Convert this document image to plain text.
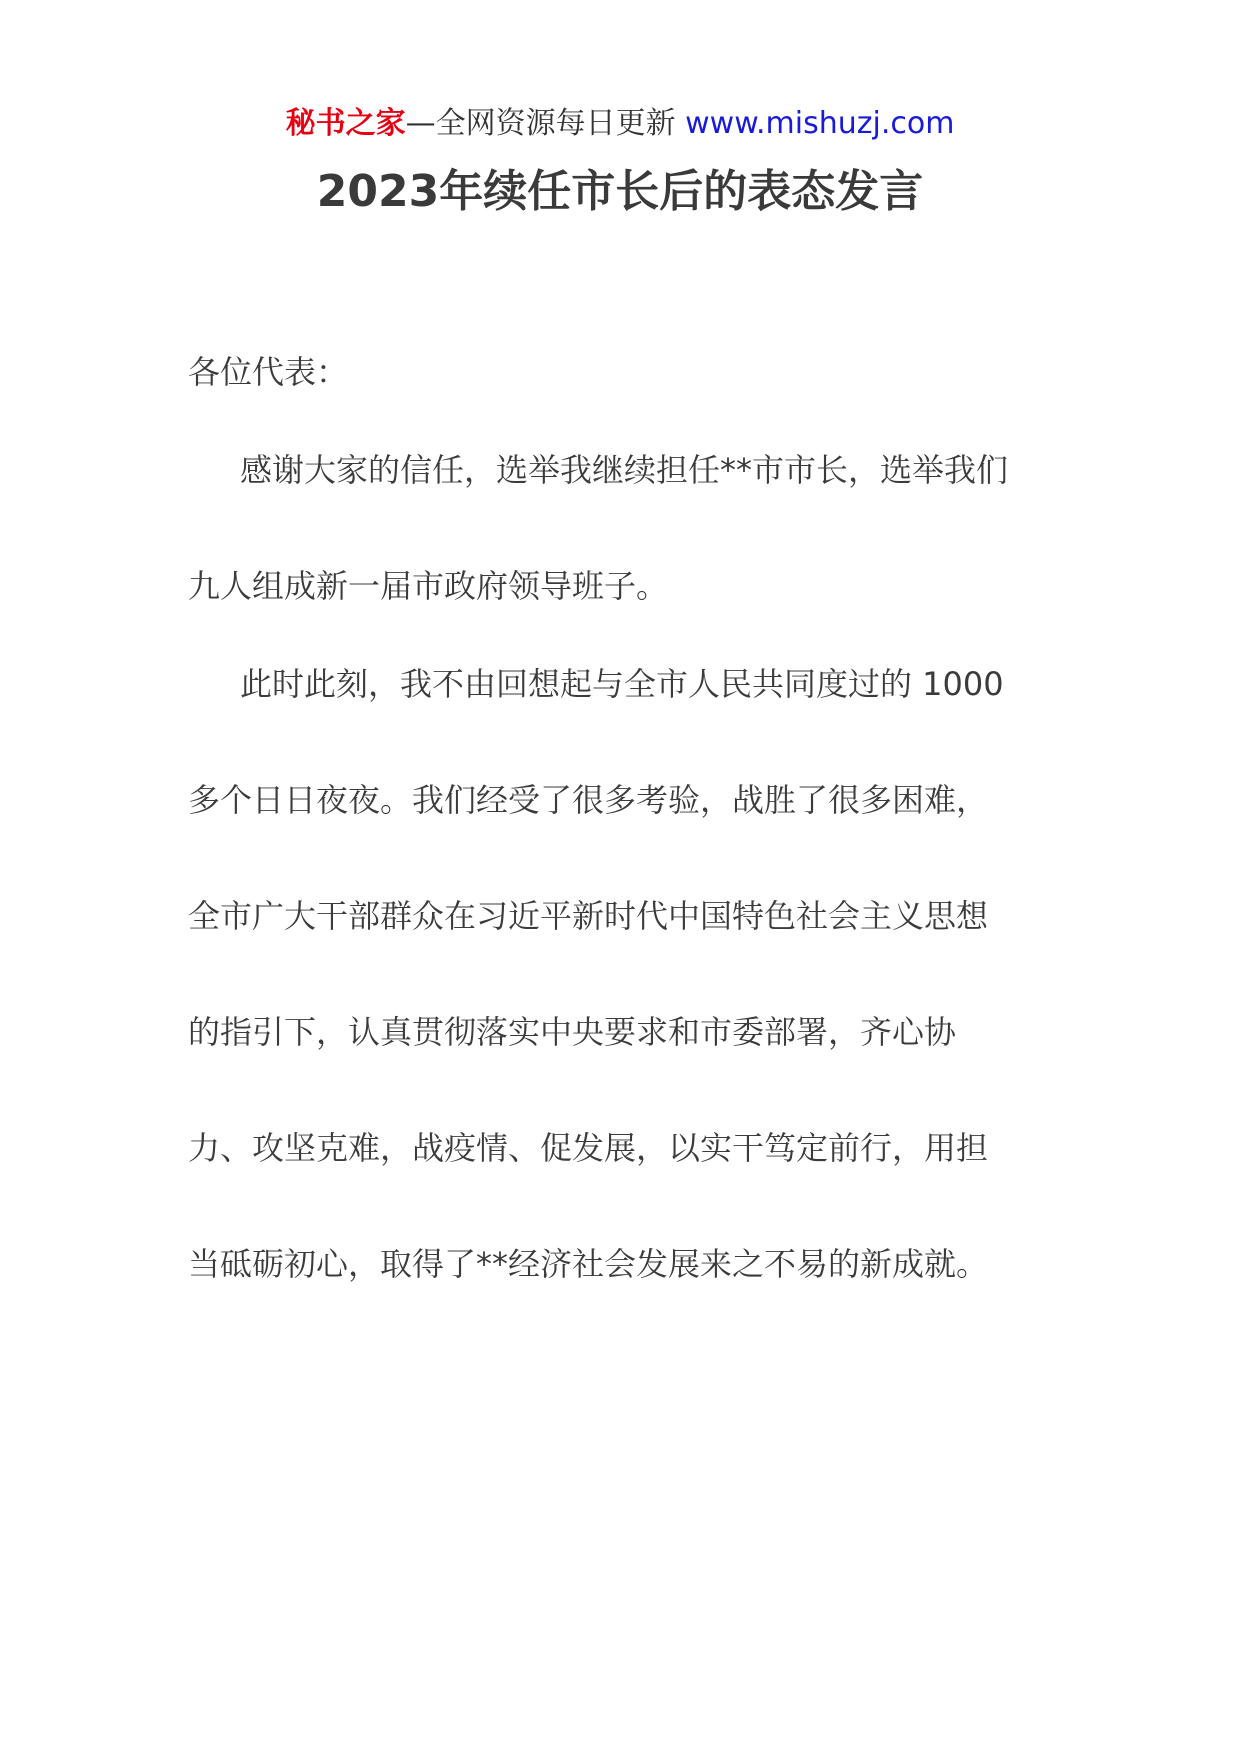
秘书之家—全网资源每日更新 www.mishuzj.com
2023年续任市长后的表态发言
各位代表：
感谢大家的信任，选举我继续担任**市市长，选举我们
九人组成新一届市政府领导班子。
此时此刻，我不由回想起与全市人民共同度过的 1000
多个日日夜夜。我们经受了很多考验，战胜了很多困难，
全市广大干部群众在习近平新时代中国特色社会主义思想
的指引下，认真贯彻落实中央要求和市委部署，齐心协
力、攻坚克难，战疫情、促发展，以实干笃定前行，用担
当砥砺初心，取得了**经济社会发展来之不易的新成就。
